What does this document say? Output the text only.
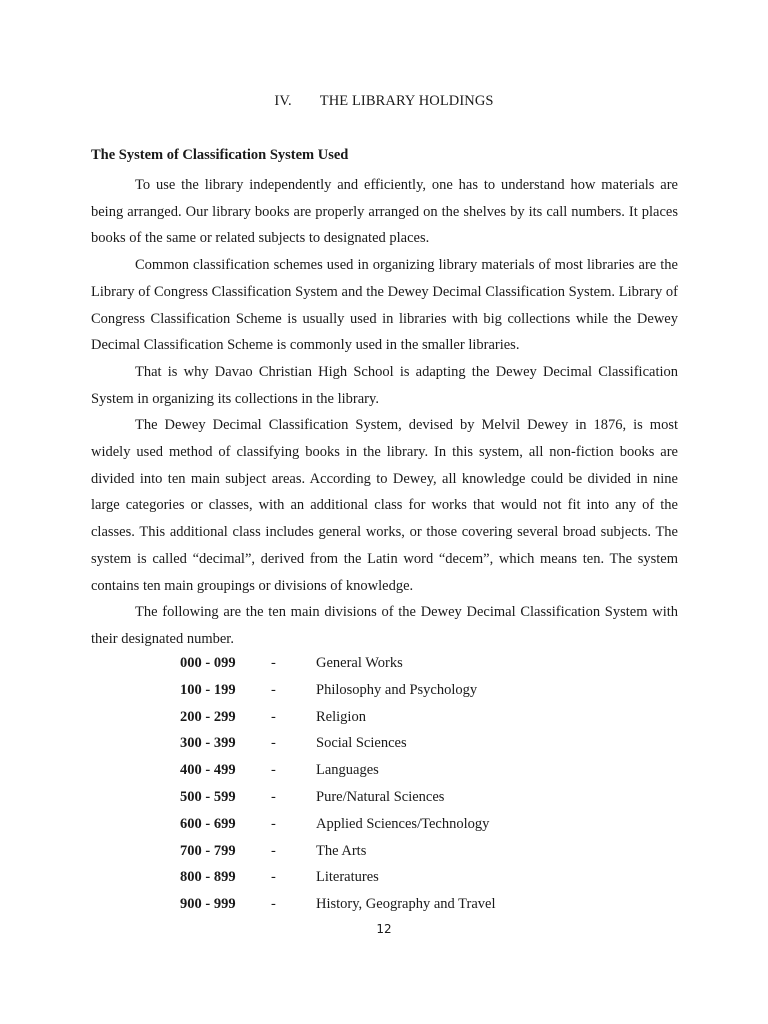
IV. THE LIBRARY HOLDINGS
The System of Classification System Used

To use the library independently and efficiently, one has to understand how materials are being arranged. Our library books are properly arranged on the shelves by its call numbers. It places books of the same or related subjects to designated places.

Common classification schemes used in organizing library materials of most libraries are the Library of Congress Classification System and the Dewey Decimal Classification System. Library of Congress Classification Scheme is usually used in libraries with big collections while the Dewey Decimal Classification Scheme is commonly used in the smaller libraries.

That is why Davao Christian High School is adapting the Dewey Decimal Classification System in organizing its collections in the library.

The Dewey Decimal Classification System, devised by Melvil Dewey in 1876, is most widely used method of classifying books in the library. In this system, all non-fiction books are divided into ten main subject areas. According to Dewey, all knowledge could be divided in nine large categories or classes, with an additional class for works that would not fit into any of the classes. This additional class includes general works, or those covering several broad subjects. The system is called “decimal”, derived from the Latin word “decem”, which means ten. The system contains ten main groupings or divisions of knowledge.

The following are the ten main divisions of the Dewey Decimal Classification System with their designated number.

000 - 099 -	General Works
100 - 199 -	Philosophy and Psychology
200 - 299 -	Religion
300 - 399 -	Social Sciences
400 - 499 -	Languages
500 - 599 -	Pure/Natural Sciences
600 - 699 -	Applied Sciences/Technology
700 - 799 -	The Arts
800 - 899 -	Literatures
900 - 999 -	History, Geography and Travel
12
